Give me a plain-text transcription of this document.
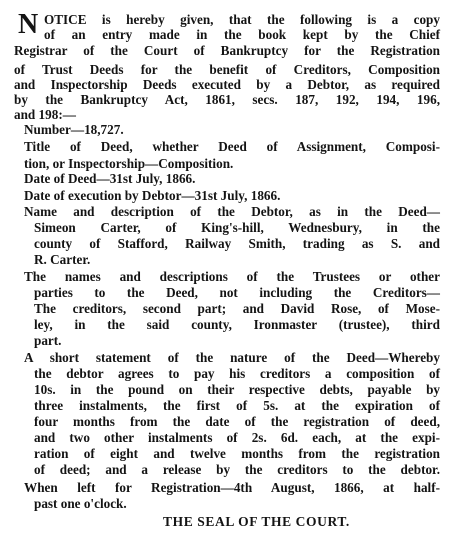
N OTICE is hereby given, that the following is a copy
of an entry made in the book kept by the Chief
Registrar of the Court of Bankruptcy for the Registration
of Trust Deeds for the benefit of Creditors, Composition
and Inspectorship Deeds executed by a Debtor, as required
by the Bankruptcy Act, 1861, secs. 187, 192, 194, 196,
and 198:—
Number—18,727.
Title of Deed, whether Deed of Assignment, Composi-
tion, or Inspectorship—Composition.
Date of Deed—31st July, 1866.
Date of execution by Debtor—31st July, 1866.
Name and description of the Debtor, as in the Deed—
Simeon Carter, of King's-hill, Wednesbury, in the
county of Stafford, Railway Smith, trading as S. and
R. Carter.
The names and descriptions of the Trustees or other
parties to the Deed, not including the Creditors—
The creditors, second part; and David Rose, of Mose-
ley, in the said county, Ironmaster (trustee), third
part.
A short statement of the nature of the Deed—Whereby
the debtor agrees to pay his creditors a composition of
10s. in the pound on their respective debts, payable by
three instalments, the first of 5s. at the expiration of
four months from the date of the registration of deed,
and two other instalments of 2s. 6d. each, at the expi-
ration of eight and twelve months from the registration
of deed; and a release by the creditors to the debtor.
When left for Registration—4th August, 1866, at half-
past one o'clock.
THE SEAL OF THE COURT.
